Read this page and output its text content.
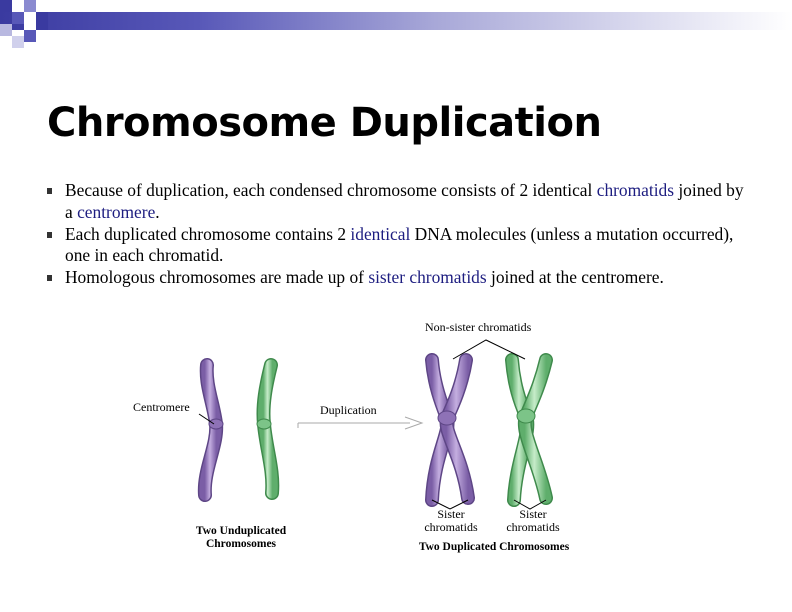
Chromosome Duplication
Because of duplication, each condensed chromosome consists of 2 identical chromatids joined by a centromere.
Each duplicated chromosome contains 2 identical DNA molecules (unless a mutation occurred), one in each chromatid.
Homologous chromosomes are made up of sister chromatids joined at the centromere.
Non-sister chromatids
Centromere	Duplication
Sister chromatids
Sister chromatids
Two Unduplicated Chromosomes	Two Duplicated Chromosomes
